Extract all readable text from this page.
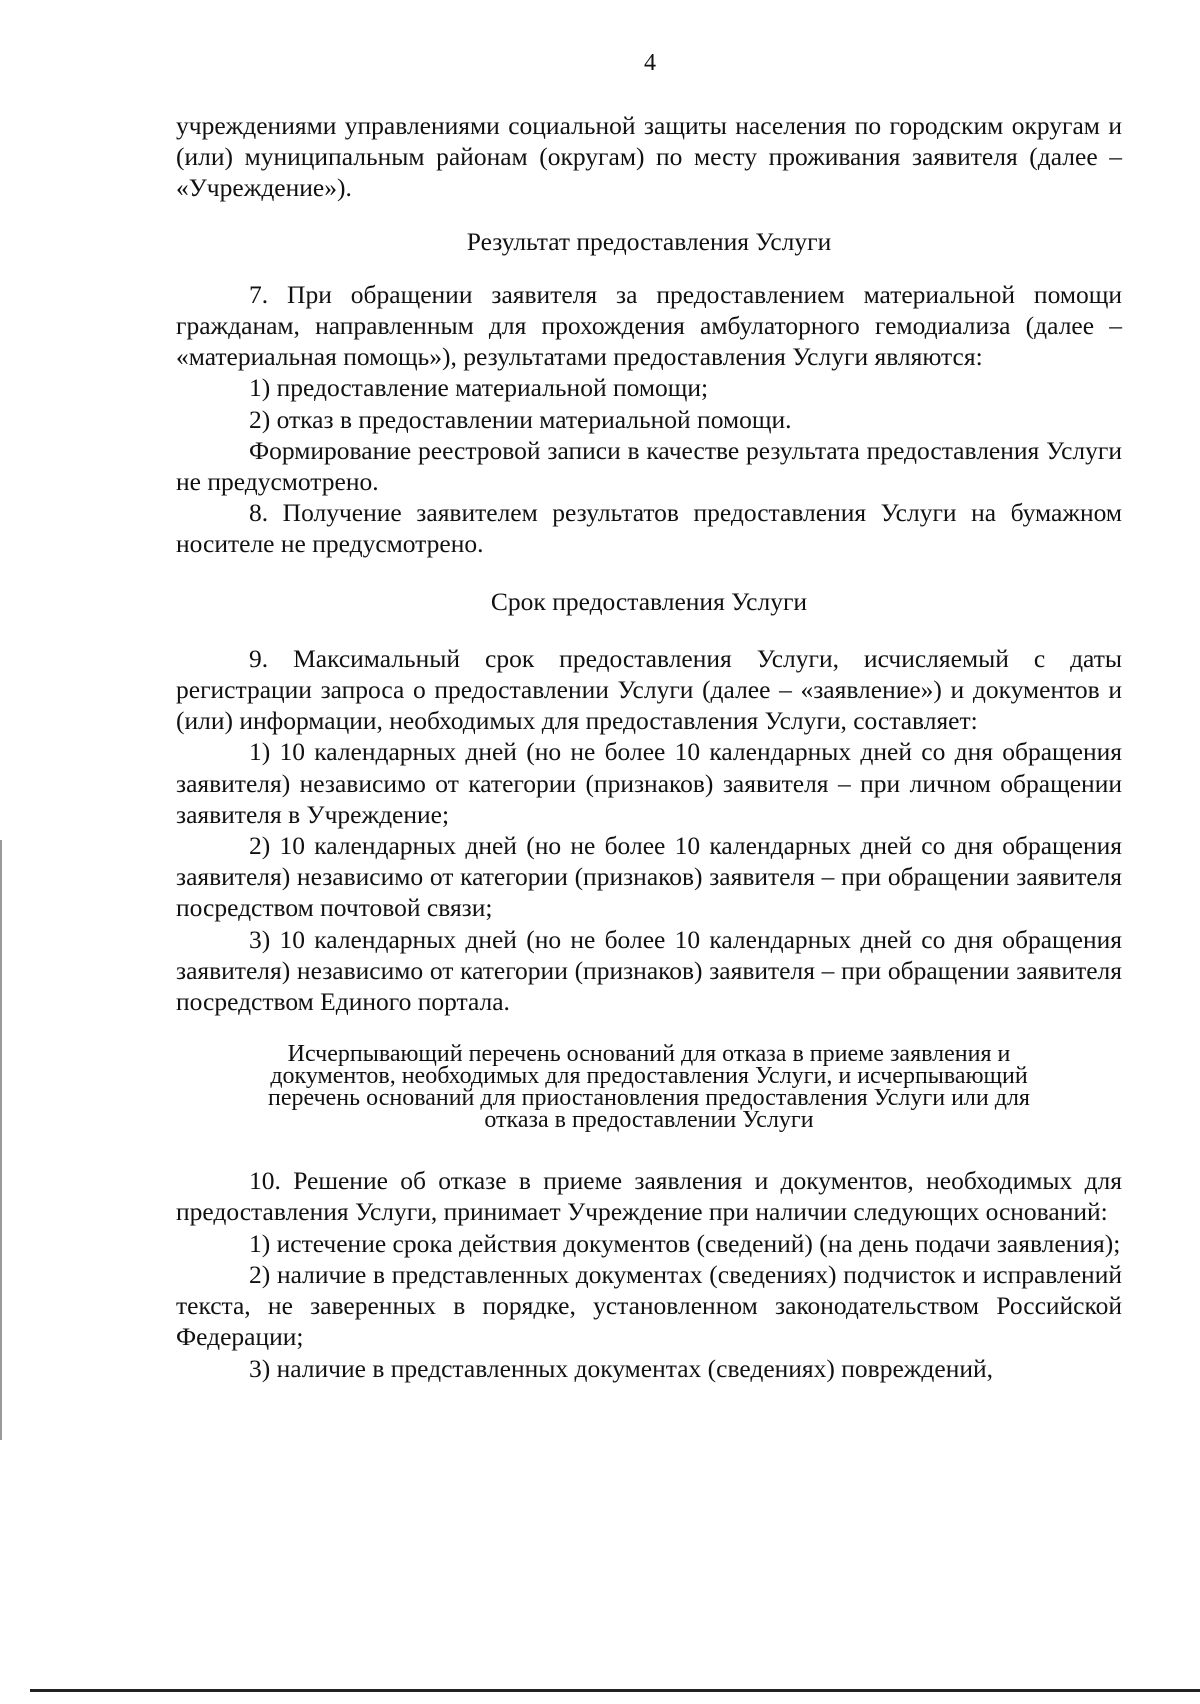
4

учреждениями управлениями социальной защиты населения по городским округам и (или) муниципальным районам (округам) по месту проживания заявителя (далее – «Учреждение»).

Результат предоставления Услуги

7. При обращении заявителя за предоставлением материальной помощи гражданам, направленным для прохождения амбулаторного гемодиализа (далее – «материальная помощь»), результатами предоставления Услуги являются:

1) предоставление материальной помощи;

2) отказ в предоставлении материальной помощи.

Формирование реестровой записи в качестве результата предоставления Услуги не предусмотрено.

8. Получение заявителем результатов предоставления Услуги на бумажном носителе не предусмотрено.

Срок предоставления Услуги

9. Максимальный срок предоставления Услуги, исчисляемый с даты регистрации запроса о предоставлении Услуги (далее – «заявление») и документов и (или) информации, необходимых для предоставления Услуги, составляет:

1) 10 календарных дней (но не более 10 календарных дней со дня обращения заявителя) независимо от категории (признаков) заявителя – при личном обращении заявителя в Учреждение;

2) 10 календарных дней (но не более 10 календарных дней со дня обращения заявителя) независимо от категории (признаков) заявителя – при обращении заявителя посредством почтовой связи;

3) 10 календарных дней (но не более 10 календарных дней со дня обращения заявителя) независимо от категории (признаков) заявителя – при обращении заявителя посредством Единого портала.

Исчерпывающий перечень оснований для отказа в приеме заявления и документов, необходимых для предоставления Услуги, и исчерпывающий перечень оснований для приостановления предоставления Услуги или для отказа в предоставлении Услуги

10. Решение об отказе в приеме заявления и документов, необходимых для предоставления Услуги, принимает Учреждение при наличии следующих оснований:

1) истечение срока действия документов (сведений) (на день подачи заявления);

2) наличие в представленных документах (сведениях) подчисток и исправлений текста, не заверенных в порядке, установленном законодательством Российской Федерации;

3) наличие в представленных документах (сведениях) повреждений,
